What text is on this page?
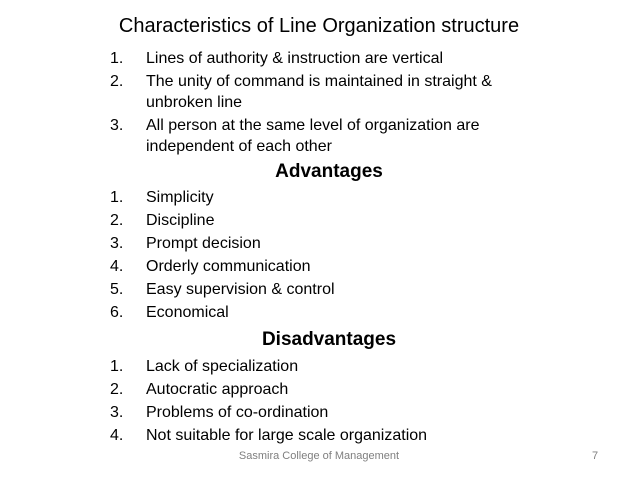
Characteristics of Line Organization structure
1.	Lines of authority & instruction are vertical
2.	The unity of command is maintained in straight & unbroken line
3.	All person at the same level of organization are independent of each other
Advantages
1.	Simplicity
2.	Discipline
3.	Prompt decision
4.	Orderly communication
5.	Easy supervision & control
6.	Economical
Disadvantages
1.	Lack of specialization
2.	Autocratic approach
3.	Problems of co-ordination
4.	Not suitable for large scale organization
Sasmira College of Management	7
